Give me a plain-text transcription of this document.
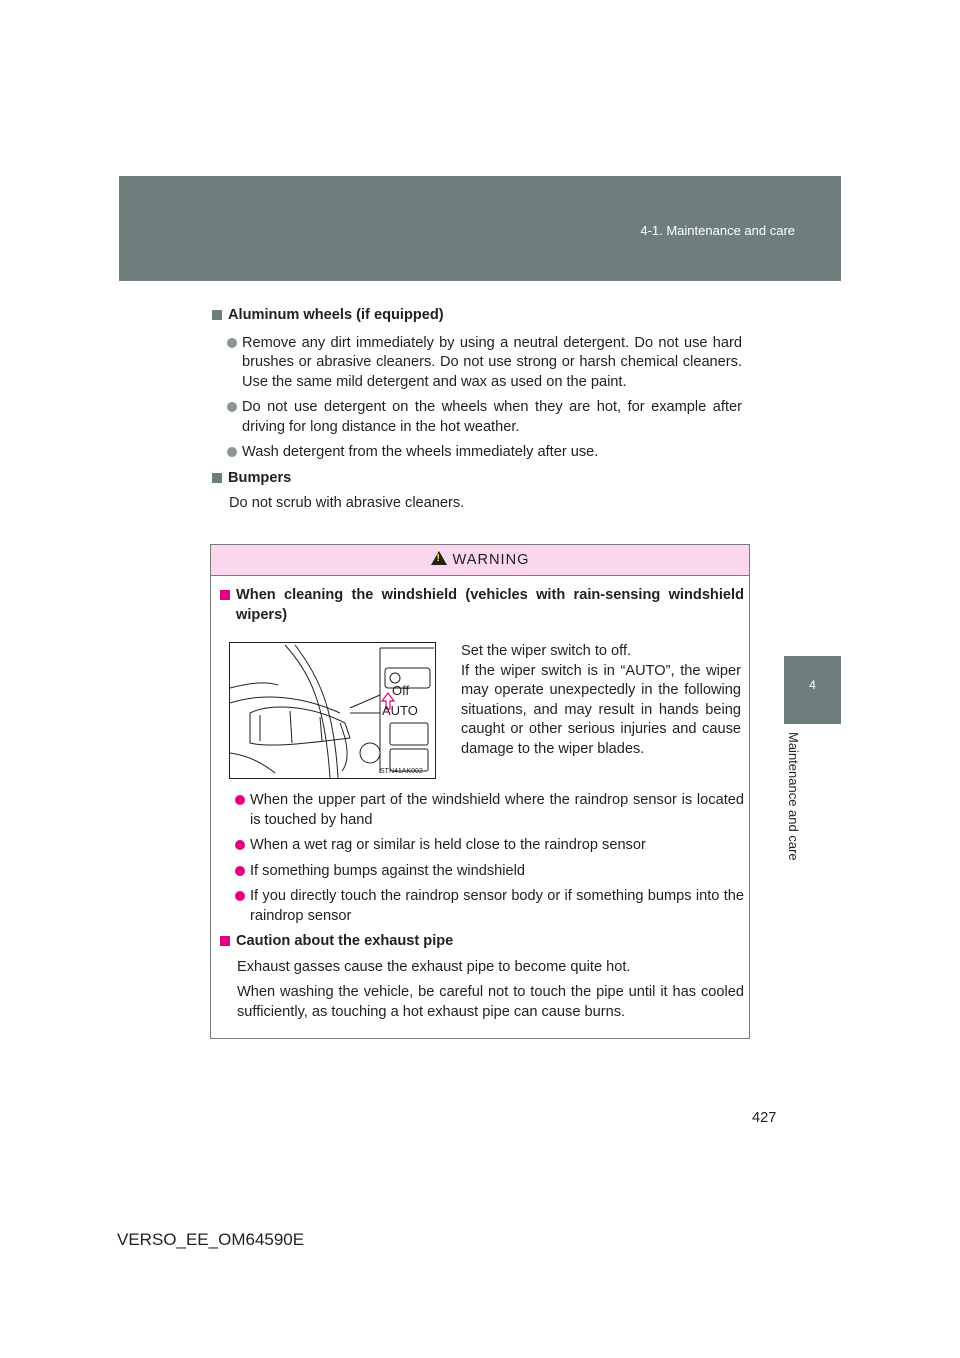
4-1. Maintenance and care
4
Maintenance and care
Aluminum wheels (if equipped)
Remove any dirt immediately by using a neutral detergent. Do not use hard brushes or abrasive cleaners. Do not use strong or harsh chemical cleaners. Use the same mild detergent and wax as used on the paint.
Do not use detergent on the wheels when they are hot, for example after driving for long distance in the hot weather.
Wash detergent from the wheels immediately after use.
Bumpers
Do not scrub with abrasive cleaners.
! WARNING
When cleaning the windshield (vehicles with rain-sensing windshield wipers)
Off
AUTO
STN41AK002
Set the wiper switch to off.
If the wiper switch is in “AUTO”, the wiper may operate unexpectedly in the following situations, and may result in hands being caught or other serious injuries and cause damage to the wiper blades.
When the upper part of the windshield where the raindrop sensor is located is touched by hand
When a wet rag or similar is held close to the raindrop sensor
If something bumps against the windshield
If you directly touch the raindrop sensor body or if something bumps into the raindrop sensor
Caution about the exhaust pipe
Exhaust gasses cause the exhaust pipe to become quite hot.
When washing the vehicle, be careful not to touch the pipe until it has cooled sufficiently, as touching a hot exhaust pipe can cause burns.
427
VERSO_EE_OM64590E
